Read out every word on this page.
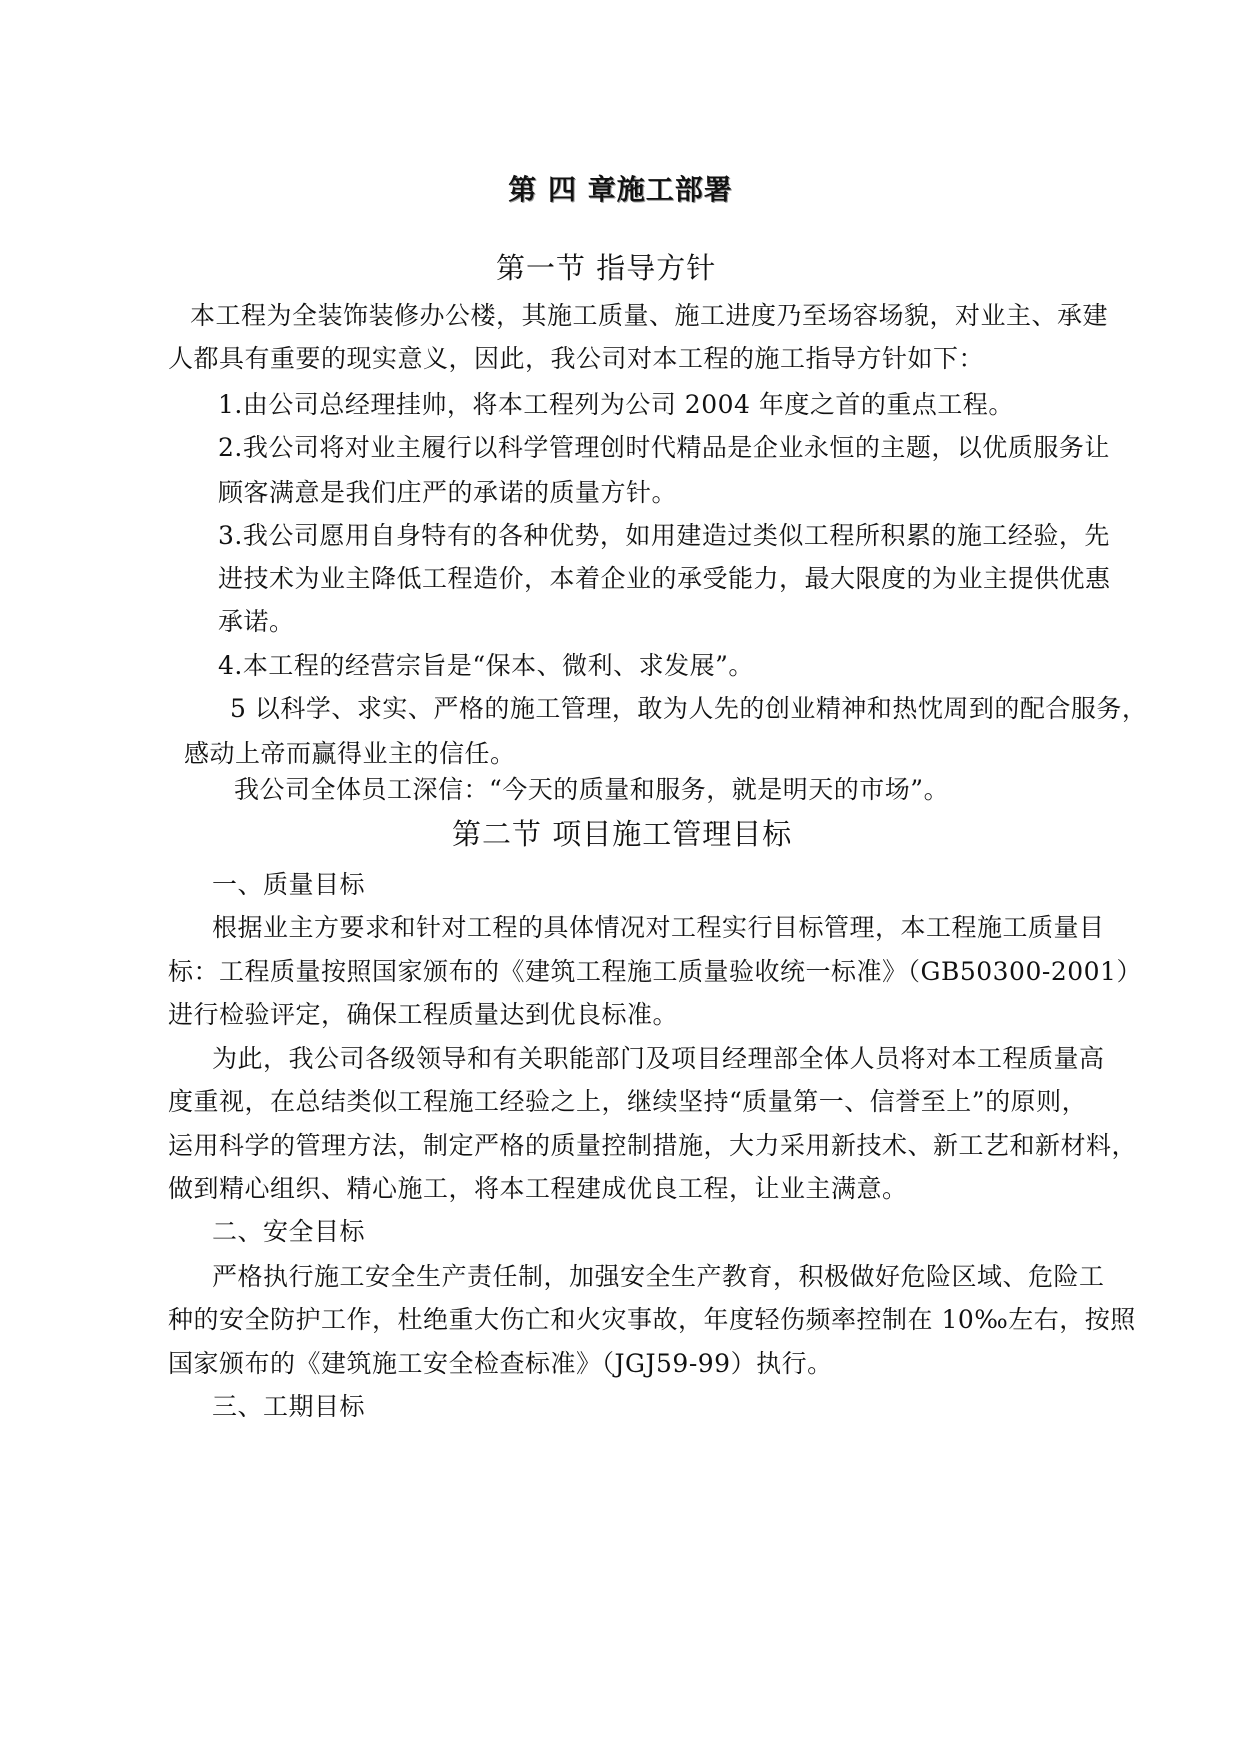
第 四 章施工部署
第一节 指导方针
本工程为全装饰装修办公楼，其施工质量、施工进度乃至场容场貌，对业主、承建
人都具有重要的现实意义，因此，我公司对本工程的施工指导方针如下：
1.由公司总经理挂帅，将本工程列为公司 2004 年度之首的重点工程。
2.我公司将对业主履行以科学管理创时代精品是企业永恒的主题，以优质服务让
顾客满意是我们庄严的承诺的质量方针。
3.我公司愿用自身特有的各种优势，如用建造过类似工程所积累的施工经验，先
进技术为业主降低工程造价，本着企业的承受能力，最大限度的为业主提供优惠
承诺。
4.本工程的经营宗旨是“保本、微利、求发展”。
5 以科学、求实、严格的施工管理，敢为人先的创业精神和热忱周到的配合服务，
感动上帝而赢得业主的信任。
我公司全体员工深信：“今天的质量和服务，就是明天的市场”。
第二节 项目施工管理目标
一、质量目标
根据业主方要求和针对工程的具体情况对工程实行目标管理，本工程施工质量目
标：工程质量按照国家颁布的《建筑工程施工质量验收统一标准》（GB50300-2001）
进行检验评定，确保工程质量达到优良标准。
为此，我公司各级领导和有关职能部门及项目经理部全体人员将对本工程质量高
度重视，在总结类似工程施工经验之上，继续坚持“质量第一、信誉至上”的原则，
运用科学的管理方法，制定严格的质量控制措施，大力采用新技术、新工艺和新材料，
做到精心组织、精心施工，将本工程建成优良工程，让业主满意。
二、安全目标
严格执行施工安全生产责任制，加强安全生产教育，积极做好危险区域、危险工
种的安全防护工作，杜绝重大伤亡和火灾事故，年度轻伤频率控制在 10‰左右，按照
国家颁布的《建筑施工安全检查标准》（JGJ59-99）执行。
三、工期目标
